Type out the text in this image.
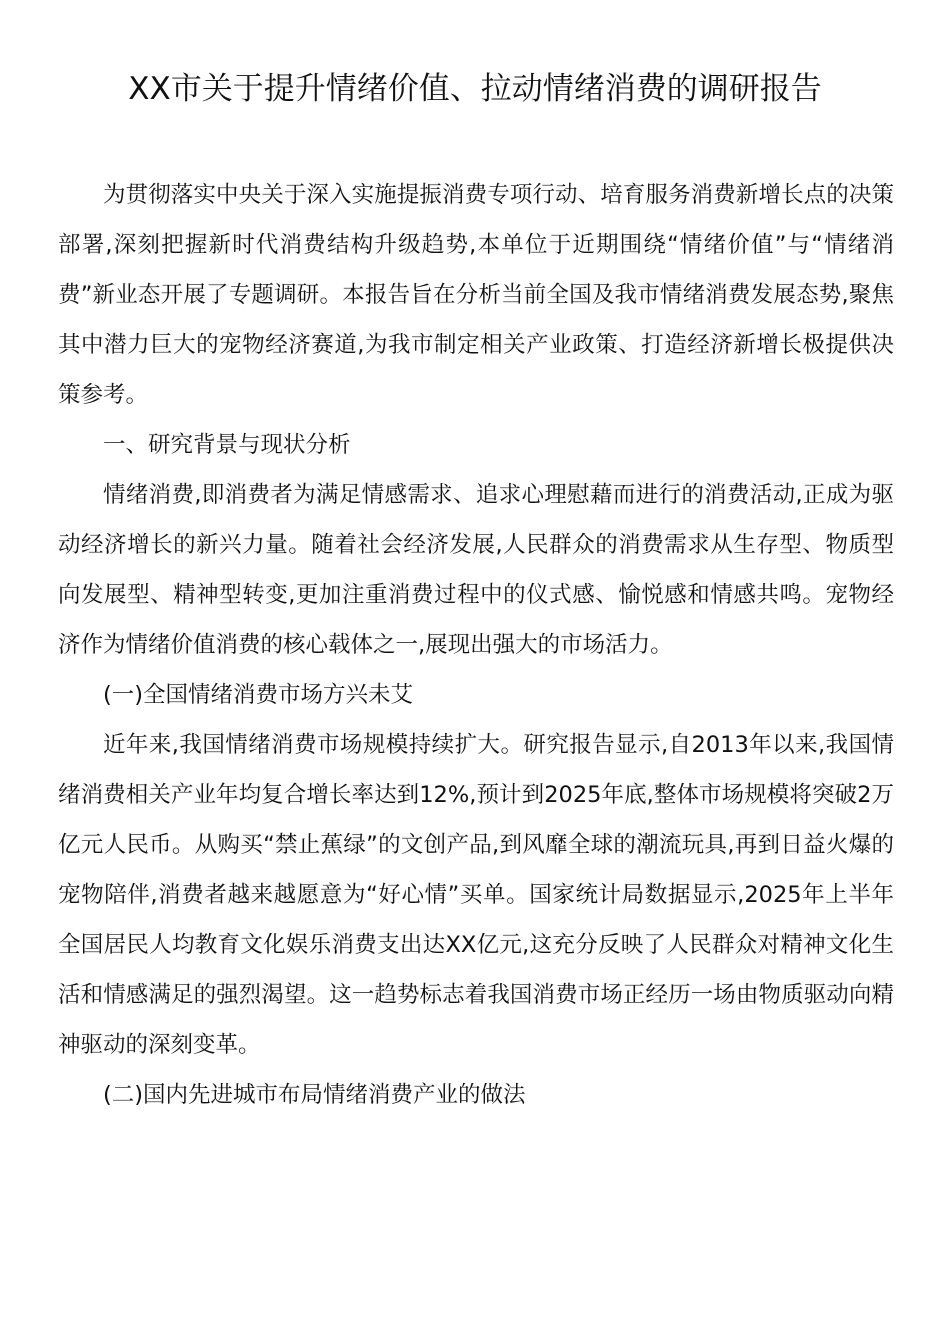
XX市关于提升情绪价值、拉动情绪消费的调研报告

为贯彻落实中央关于深入实施提振消费专项行动、培育服务消费新增长点的决策部署,深刻把握新时代消费结构升级趋势,本单位于近期围绕“情绪价值”与“情绪消费”新业态开展了专题调研。本报告旨在分析当前全国及我市情绪消费发展态势,聚焦其中潜力巨大的宠物经济赛道,为我市制定相关产业政策、打造经济新增长极提供决策参考。

一、研究背景与现状分析

情绪消费,即消费者为满足情感需求、追求心理慰藉而进行的消费活动,正成为驱动经济增长的新兴力量。随着社会经济发展,人民群众的消费需求从生存型、物质型向发展型、精神型转变,更加注重消费过程中的仪式感、愉悦感和情感共鸣。宠物经济作为情绪价值消费的核心载体之一,展现出强大的市场活力。

(一)全国情绪消费市场方兴未艾

近年来,我国情绪消费市场规模持续扩大。研究报告显示,自2013年以来,我国情绪消费相关产业年均复合增长率达到12%,预计到2025年底,整体市场规模将突破2万亿元人民币。从购买“禁止蕉绿”的文创产品,到风靡全球的潮流玩具,再到日益火爆的宠物陪伴,消费者越来越愿意为“好心情”买单。国家统计局数据显示,2025年上半年全国居民人均教育文化娱乐消费支出达XX亿元,这充分反映了人民群众对精神文化生活和情感满足的强烈渴望。这一趋势标志着我国消费市场正经历一场由物质驱动向精神驱动的深刻变革。

(二)国内先进城市布局情绪消费产业的做法
